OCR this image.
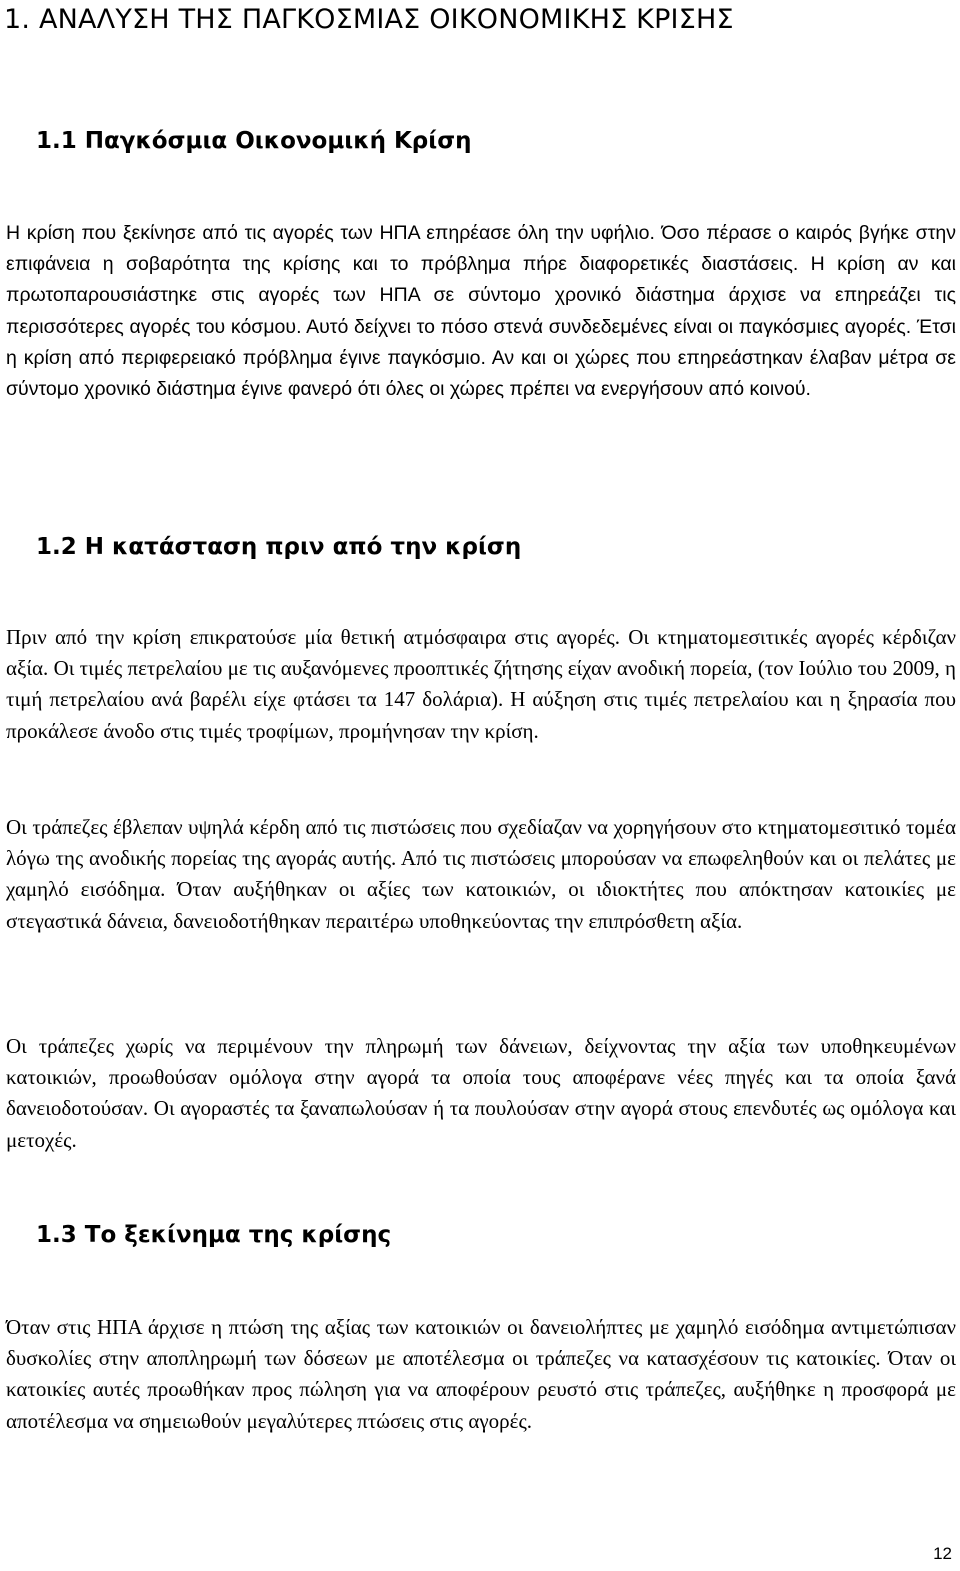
1. ΑΝΑΛΥΣΗ ΤΗΣ ΠΑΓΚΟΣΜΙΑΣ ΟΙΚΟΝΟΜΙΚΗΣ ΚΡΙΣΗΣ
1.1 Παγκόσμια Οικονομική Κρίση

Η κρίση που ξεκίνησε από τις αγορές των ΗΠΑ επηρέασε όλη την υφήλιο. Όσο πέρασε ο καιρός βγήκε στην επιφάνεια η σοβαρότητα της κρίσης και το πρόβλημα πήρε διαφορετικές διαστάσεις. Η κρίση αν και πρωτοπαρουσιάστηκε στις αγορές των ΗΠΑ σε σύντομο χρονικό διάστημα άρχισε να επηρεάζει τις περισσότερες αγορές του κόσμου. Αυτό δείχνει το πόσο στενά συνδεδεμένες είναι οι παγκόσμιες αγορές. Έτσι η κρίση από περιφερειακό πρόβλημα έγινε παγκόσμιο. Αν και οι χώρες που επηρεάστηκαν έλαβαν μέτρα σε σύντομο χρονικό διάστημα έγινε φανερό ότι όλες οι χώρες πρέπει να ενεργήσουν από κοινού.

1.2 Η κατάσταση πριν από την κρίση

Πριν από την κρίση επικρατούσε μία θετική ατμόσφαιρα στις αγορές. Οι κτηματομεσιτικές αγορές κέρδιζαν αξία. Οι τιμές πετρελαίου με τις αυξανόμενες προοπτικές ζήτησης είχαν ανοδική πορεία, (τον Ιούλιο του 2009, η τιμή πετρελαίου ανά βαρέλι είχε φτάσει τα 147 δολάρια). Η αύξηση στις τιμές πετρελαίου και η ξηρασία που προκάλεσε άνοδο στις τιμές τροφίμων, προμήνησαν την κρίση.

Οι τράπεζες έβλεπαν υψηλά κέρδη από τις πιστώσεις που σχεδίαζαν να χορηγήσουν στο κτηματομεσιτικό τομέα λόγω της ανοδικής πορείας της αγοράς αυτής. Από τις πιστώσεις μπορούσαν να επωφεληθούν και οι πελάτες με χαμηλό εισόδημα. Όταν αυξήθηκαν οι αξίες των κατοικιών, οι ιδιοκτήτες που απόκτησαν κατοικίες με στεγαστικά δάνεια, δανειοδοτήθηκαν περαιτέρω υποθηκεύοντας την επιπρόσθετη αξία.

Οι τράπεζες χωρίς να περιμένουν την πληρωμή των δάνειων, δείχνοντας την αξία των υποθηκευμένων κατοικιών, προωθούσαν ομόλογα στην αγορά τα οποία τους αποφέρανε νέες πηγές και τα οποία ξανά δανειοδοτούσαν. Οι αγοραστές τα ξαναπωλούσαν ή τα πουλούσαν στην αγορά στους επενδυτές ως ομόλογα και μετοχές.

1.3 Το ξεκίνημα της κρίσης

Όταν στις ΗΠΑ άρχισε η πτώση της αξίας των κατοικιών οι δανειολήπτες με χαμηλό εισόδημα αντιμετώπισαν δυσκολίες στην αποπληρωμή των δόσεων με αποτέλεσμα οι τράπεζες να κατασχέσουν τις κατοικίες. Όταν οι κατοικίες αυτές προωθήκαν προς πώληση για να αποφέρουν ρευστό στις τράπεζες, αυξήθηκε η προσφορά με αποτέλεσμα να σημειωθούν μεγαλύτερες πτώσεις στις αγορές.

12
